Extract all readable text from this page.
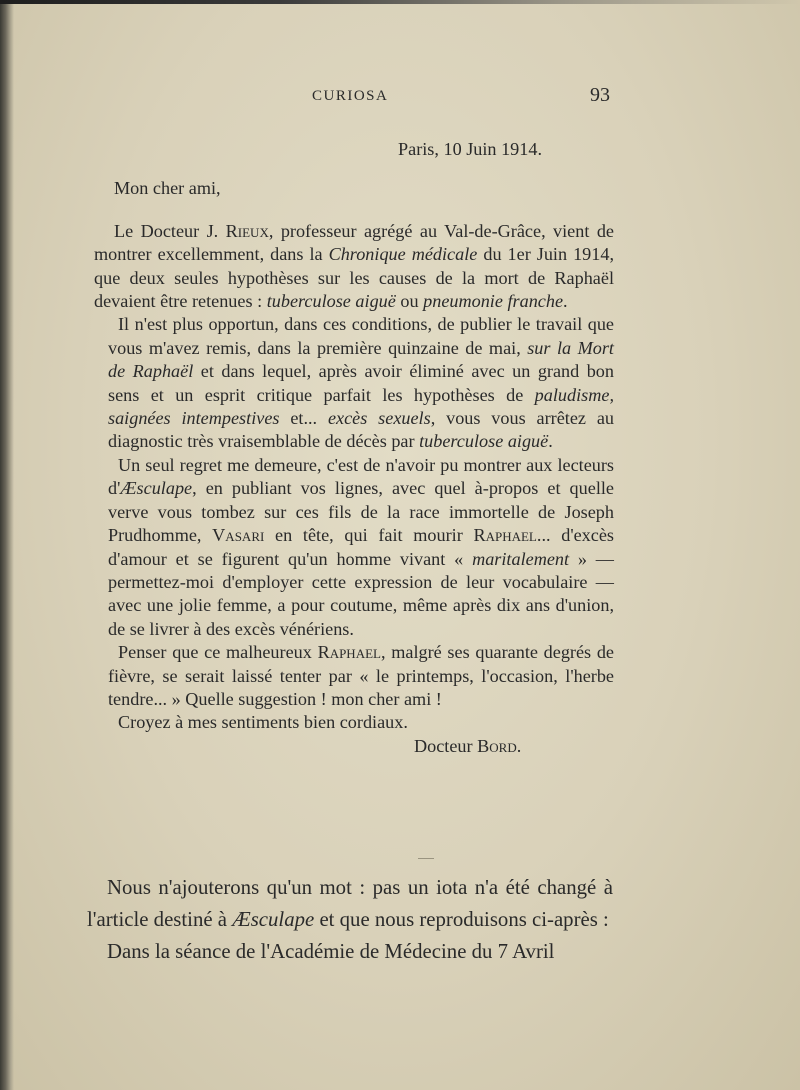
CURIOSA	93

Paris, 10 Juin 1914.

Mon cher ami,

Le Docteur J. Rieux, professeur agrégé au Val-de-Grâce, vient de montrer excellemment, dans la Chronique médicale du 1er Juin 1914, que deux seules hypothèses sur les causes de la mort de Raphaël devaient être retenues : tuberculose aiguë ou pneumonie franche.

Il n'est plus opportun, dans ces conditions, de publier le travail que vous m'avez remis, dans la première quinzaine de mai, sur la Mort de Raphaël et dans lequel, après avoir éliminé avec un grand bon sens et un esprit critique parfait les hypothèses de paludisme, saignées intempestives et... excès sexuels, vous vous arrêtez au diagnostic très vraisemblable de décès par tuberculose aiguë.

Un seul regret me demeure, c'est de n'avoir pu montrer aux lecteurs d'Æsculape, en publiant vos lignes, avec quel à-propos et quelle verve vous tombez sur ces fils de la race immortelle de Joseph Prudhomme, Vasari en tête, qui fait mourir Raphael... d'excès d'amour et se figurent qu'un homme vivant « maritalement » — permettez-moi d'employer cette expression de leur vocabulaire — avec une jolie femme, a pour coutume, même après dix ans d'union, de se livrer à des excès vénériens.

Penser que ce malheureux Raphael, malgré ses quarante degrés de fièvre, se serait laissé tenter par « le printemps, l'occasion, l'herbe tendre... » Quelle suggestion ! mon cher ami !

Croyez à mes sentiments bien cordiaux.

Docteur Bord.

Nous n'ajouterons qu'un mot : pas un iota n'a été changé à l'article destiné à Æsculape et que nous reproduisons ci-après :

Dans la séance de l'Académie de Médecine du 7 Avril
